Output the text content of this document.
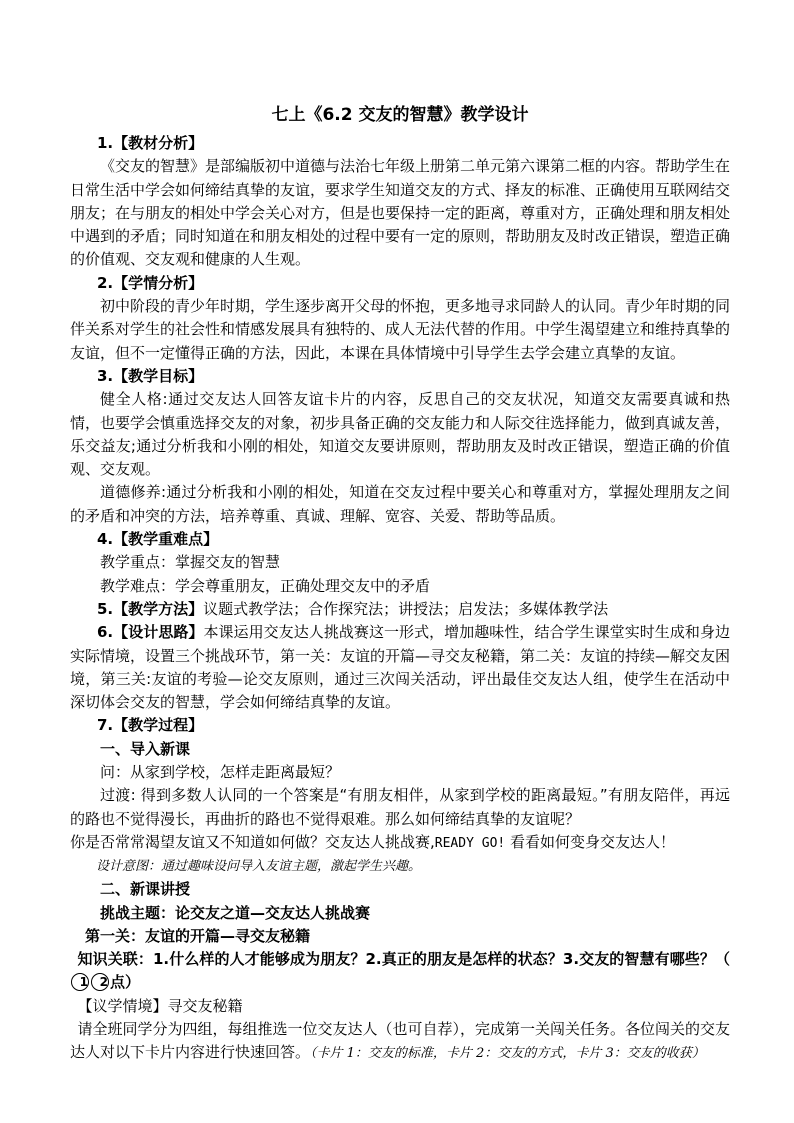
七上《6.2 交友的智慧》教学设计

1.【教材分析】

《交友的智慧》是部编版初中道德与法治七年级上册第二单元第六课第二框的内容。帮助学生在日常生活中学会如何缔结真挚的友谊，要求学生知道交友的方式、择友的标准、正确使用互联网结交朋友；在与朋友的相处中学会关心对方，但是也要保持一定的距离，尊重对方，正确处理和朋友相处中遇到的矛盾；同时知道在和朋友相处的过程中要有一定的原则，帮助朋友及时改正错误，塑造正确的价值观、交友观和健康的人生观。

2.【学情分析】

初中阶段的青少年时期，学生逐步离开父母的怀抱，更多地寻求同龄人的认同。青少年时期的同伴关系对学生的社会性和情感发展具有独特的、成人无法代替的作用。中学生渴望建立和维持真挚的友谊，但不一定懂得正确的方法，因此，本课在具体情境中引导学生去学会建立真挚的友谊。

3.【教学目标】

健全人格:通过交友达人回答友谊卡片的内容，反思自己的交友状况，知道交友需要真诚和热情，也要学会慎重选择交友的对象，初步具备正确的交友能力和人际交往选择能力，做到真诚友善，乐交益友;通过分析我和小刚的相处，知道交友要讲原则，帮助朋友及时改正错误，塑造正确的价值观、交友观。

道德修养:通过分析我和小刚的相处，知道在交友过程中要关心和尊重对方，掌握处理朋友之间的矛盾和冲突的方法，培养尊重、真诚、理解、宽容、关爱、帮助等品质。

4.【教学重难点】

教学重点：掌握交友的智慧

教学难点：学会尊重朋友，正确处理交友中的矛盾

5.【教学方法】议题式教学法；合作探究法；讲授法；启发法；多媒体教学法

6.【设计思路】本课运用交友达人挑战赛这一形式，增加趣味性，结合学生课堂实时生成和身边实际情境，设置三个挑战环节，第一关：友谊的开篇—寻交友秘籍，第二关：友谊的持续—解交友困境，第三关:友谊的考验—论交友原则，通过三次闯关活动，评出最佳交友达人组，使学生在活动中深切体会交友的智慧，学会如何缔结真挚的友谊。

7.【教学过程】

一、导入新课

问：从家到学校，怎样走距离最短？

过渡: 得到多数人认同的一个答案是“有朋友相伴，从家到学校的距离最短。”有朋友陪伴，再远的路也不觉得漫长，再曲折的路也不觉得艰难。那么如何缔结真挚的友谊呢？

你是否常常渴望友谊又不知道如何做？交友达人挑战赛,READY GO! 看看如何变身交友达人！

设计意图：通过趣味设问导入友谊主题，激起学生兴趣。

二、新课讲授

挑战主题：论交友之道—交友达人挑战赛

第一关：友谊的开篇—寻交友秘籍

知识关联：1.什么样的人才能够成为朋友？2.真正的朋友是怎样的状态？3.交友的智慧有哪些？（1 2 点）

【议学情境】寻交友秘籍

请全班同学分为四组，每组推选一位交友达人（也可自荐），完成第一关闯关任务。各位闯关的交友达人对以下卡片内容进行快速回答。（卡片 1：交友的标准，卡片 2：交友的方式，卡片 3：交友的收获）
